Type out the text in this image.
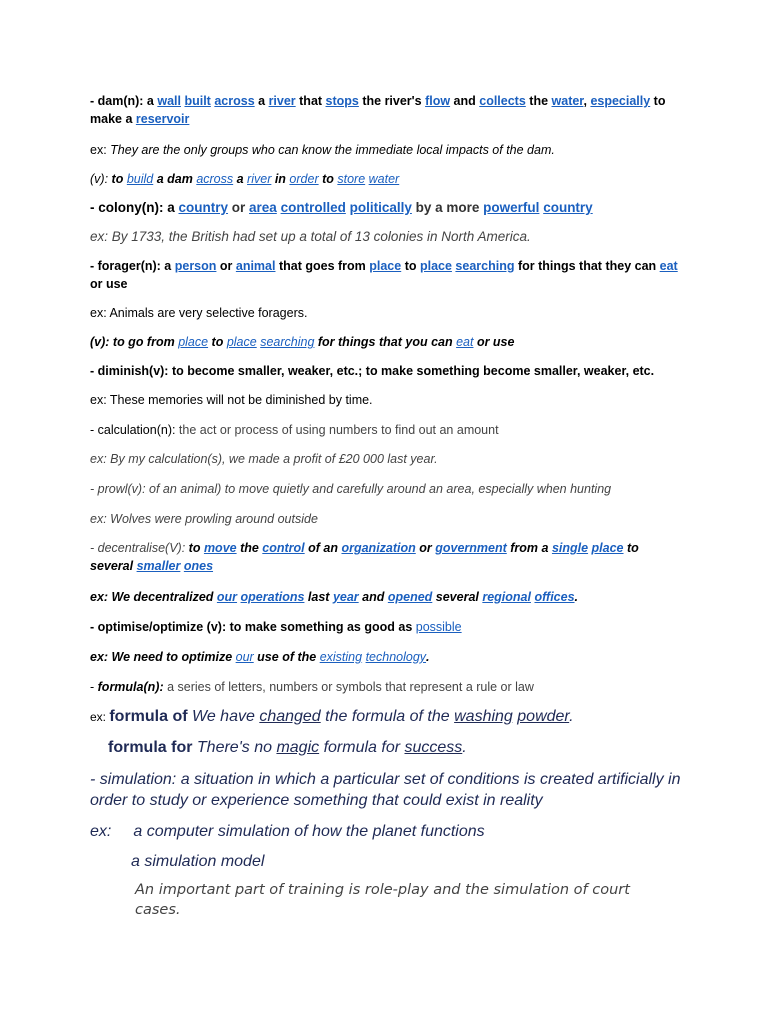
- dam(n): a wall built across a river that stops the river's flow and collects the water, especially to make a reservoir

ex: They are the only groups who can know the immediate local impacts of the dam.

(v): to build a dam across a river in order to store water

- colony(n): a country or area controlled politically by a more powerful country

ex: By 1733, the British had set up a total of 13 colonies in North America.

- forager(n): a person or animal that goes from place to place searching for things that they can eat or use

ex: Animals are very selective foragers.

(v): to go from place to place searching for things that you can eat or use

- diminish(v): to become smaller, weaker, etc.; to make something become smaller, weaker, etc.

ex: These memories will not be diminished by time.

- calculation(n): the act or process of using numbers to find out an amount

ex: By my calculation(s), we made a profit of £20 000 last year.

- prowl(v): of an animal) to move quietly and carefully around an area, especially when hunting

ex: Wolves were prowling around outside

- decentralise(V): to move the control of an organization or government from a single place to several smaller ones

ex: We decentralized our operations last year and opened several regional offices.

- optimise/optimize (v): to make something as good as possible

ex: We need to optimize our use of the existing technology.

- formula(n): a series of letters, numbers or symbols that represent a rule or law

ex: formula of We have changed the formula of the washing powder.

formula for There's no magic formula for success.

- simulation: a situation in which a particular set of conditions is created artificially in order to study or experience something that could exist in reality

ex: a computer simulation of how the planet functions

a simulation model

An important part of training is role-play and the simulation of court cases.
